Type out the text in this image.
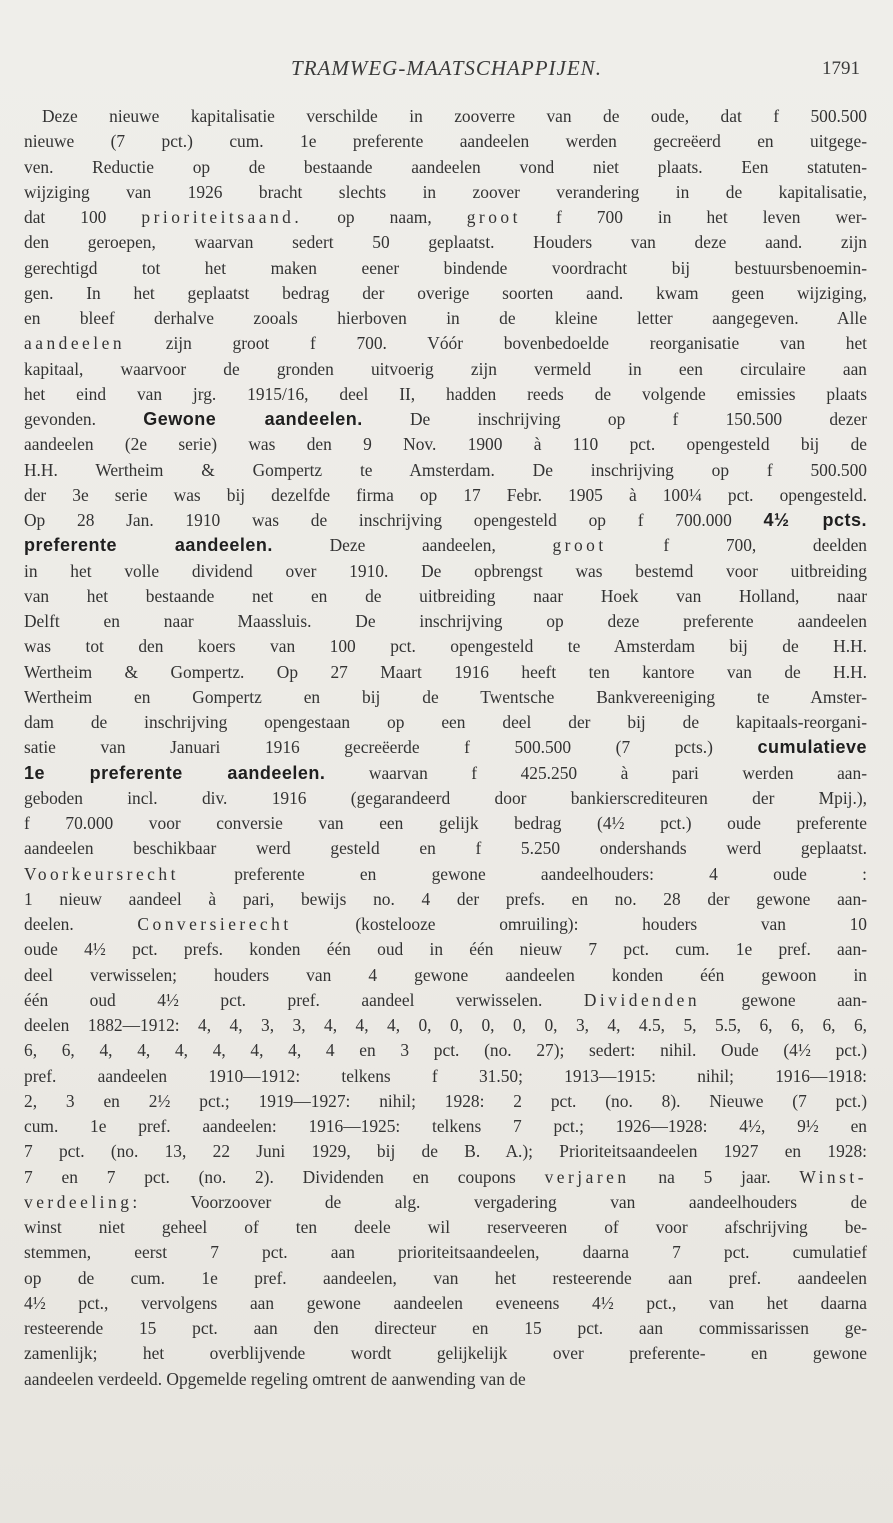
TRAMWEG-MAATSCHAPPIJEN.	1791
Deze nieuwe kapitalisatie verschilde in zooverre van de oude, dat f 500.500
nieuwe (7 pct.) cum. 1e preferente aandeelen werden gecreëerd en uitgege-
ven. Reductie op de bestaande aandeelen vond niet plaats. Een statuten-
wijziging van 1926 bracht slechts in zoover verandering in de kapitalisatie,
dat 100 prioriteitsaand. op naam, groot f 700 in het leven wer-
den geroepen, waarvan sedert 50 geplaatst. Houders van deze aand. zijn
gerechtigd tot het maken eener bindende voordracht bij bestuursbenoemin-
gen. In het geplaatst bedrag der overige soorten aand. kwam geen wijziging,
en bleef derhalve zooals hierboven in de kleine letter aangegeven. Alle
aandeelen zijn groot f 700. Vóór bovenbedoelde reorganisatie van het
kapitaal, waarvoor de gronden uitvoerig zijn vermeld in een circulaire aan
het eind van jrg. 1915/16, deel II, hadden reeds de volgende emissies plaats
gevonden. Gewone aandeelen. De inschrijving op f 150.500 dezer
aandeelen (2e serie) was den 9 Nov. 1900 à 110 pct. opengesteld bij de
H.H. Wertheim & Gompertz te Amsterdam. De inschrijving op f 500.500
der 3e serie was bij dezelfde firma op 17 Febr. 1905 à 100¼ pct. opengesteld.
Op 28 Jan. 1910 was de inschrijving opengesteld op f 700.000 4½ pcts.
preferente aandeelen. Deze aandeelen, groot f 700, deelden
in het volle dividend over 1910. De opbrengst was bestemd voor uitbreiding
van het bestaande net en de uitbreiding naar Hoek van Holland, naar
Delft en naar Maassluis. De inschrijving op deze preferente aandeelen
was tot den koers van 100 pct. opengesteld te Amsterdam bij de H.H.
Wertheim & Gompertz. Op 27 Maart 1916 heeft ten kantore van de H.H.
Wertheim en Gompertz en bij de Twentsche Bankvereeniging te Amster-
dam de inschrijving opengestaan op een deel der bij de kapitaals-reorgani-
satie van Januari 1916 gecreëerde f 500.500 (7 pcts.) cumulatieve
1e preferente aandeelen. waarvan f 425.250 à pari werden aan-
geboden incl. div. 1916 (gegarandeerd door bankierscrediteuren der Mpij.),
f 70.000 voor conversie van een gelijk bedrag (4½ pct.) oude preferente
aandeelen beschikbaar werd gesteld en f 5.250 ondershands werd geplaatst.
Voorkeursrecht preferente en gewone aandeelhouders: 4 oude :
1 nieuw aandeel à pari, bewijs no. 4 der prefs. en no. 28 der gewone aan-
deelen. Conversierecht (kostelooze omruiling): houders van 10
oude 4½ pct. prefs. konden één oud in één nieuw 7 pct. cum. 1e pref. aan-
deel verwisselen; houders van 4 gewone aandeelen konden één gewoon in
één oud 4½ pct. pref. aandeel verwisselen. Dividenden gewone aan-
deelen 1882—1912: 4, 4, 3, 3, 4, 4, 4, 0, 0, 0, 0, 0, 3, 4, 4.5, 5, 5.5, 6, 6, 6, 6,
6, 6, 4, 4, 4, 4, 4, 4, 4 en 3 pct. (no. 27); sedert: nihil. Oude (4½ pct.)
pref. aandeelen 1910—1912: telkens f 31.50; 1913—1915: nihil; 1916—1918:
2, 3 en 2½ pct.; 1919—1927: nihil; 1928: 2 pct. (no. 8). Nieuwe (7 pct.)
cum. 1e pref. aandeelen: 1916—1925: telkens 7 pct.; 1926—1928: 4½, 9½ en
7 pct. (no. 13, 22 Juni 1929, bij de B. A.); Prioriteitsaandeelen 1927 en 1928:
7 en 7 pct. (no. 2). Dividenden en coupons verjaren na 5 jaar. Winst-
verdeeling: Voorzoover de alg. vergadering van aandeelhouders de
winst niet geheel of ten deele wil reserveeren of voor afschrijving be-
stemmen, eerst 7 pct. aan prioriteitsaandeelen, daarna 7 pct. cumulatief
op de cum. 1e pref. aandeelen, van het resteerende aan pref. aandeelen
4½ pct., vervolgens aan gewone aandeelen eveneens 4½ pct., van het daarna
resteerende 15 pct. aan den directeur en 15 pct. aan commissarissen ge-
zamenlijk; het overblijvende wordt gelijkelijk over preferente- en gewone
aandeelen verdeeld. Opgemelde regeling omtrent de aanwending van de
